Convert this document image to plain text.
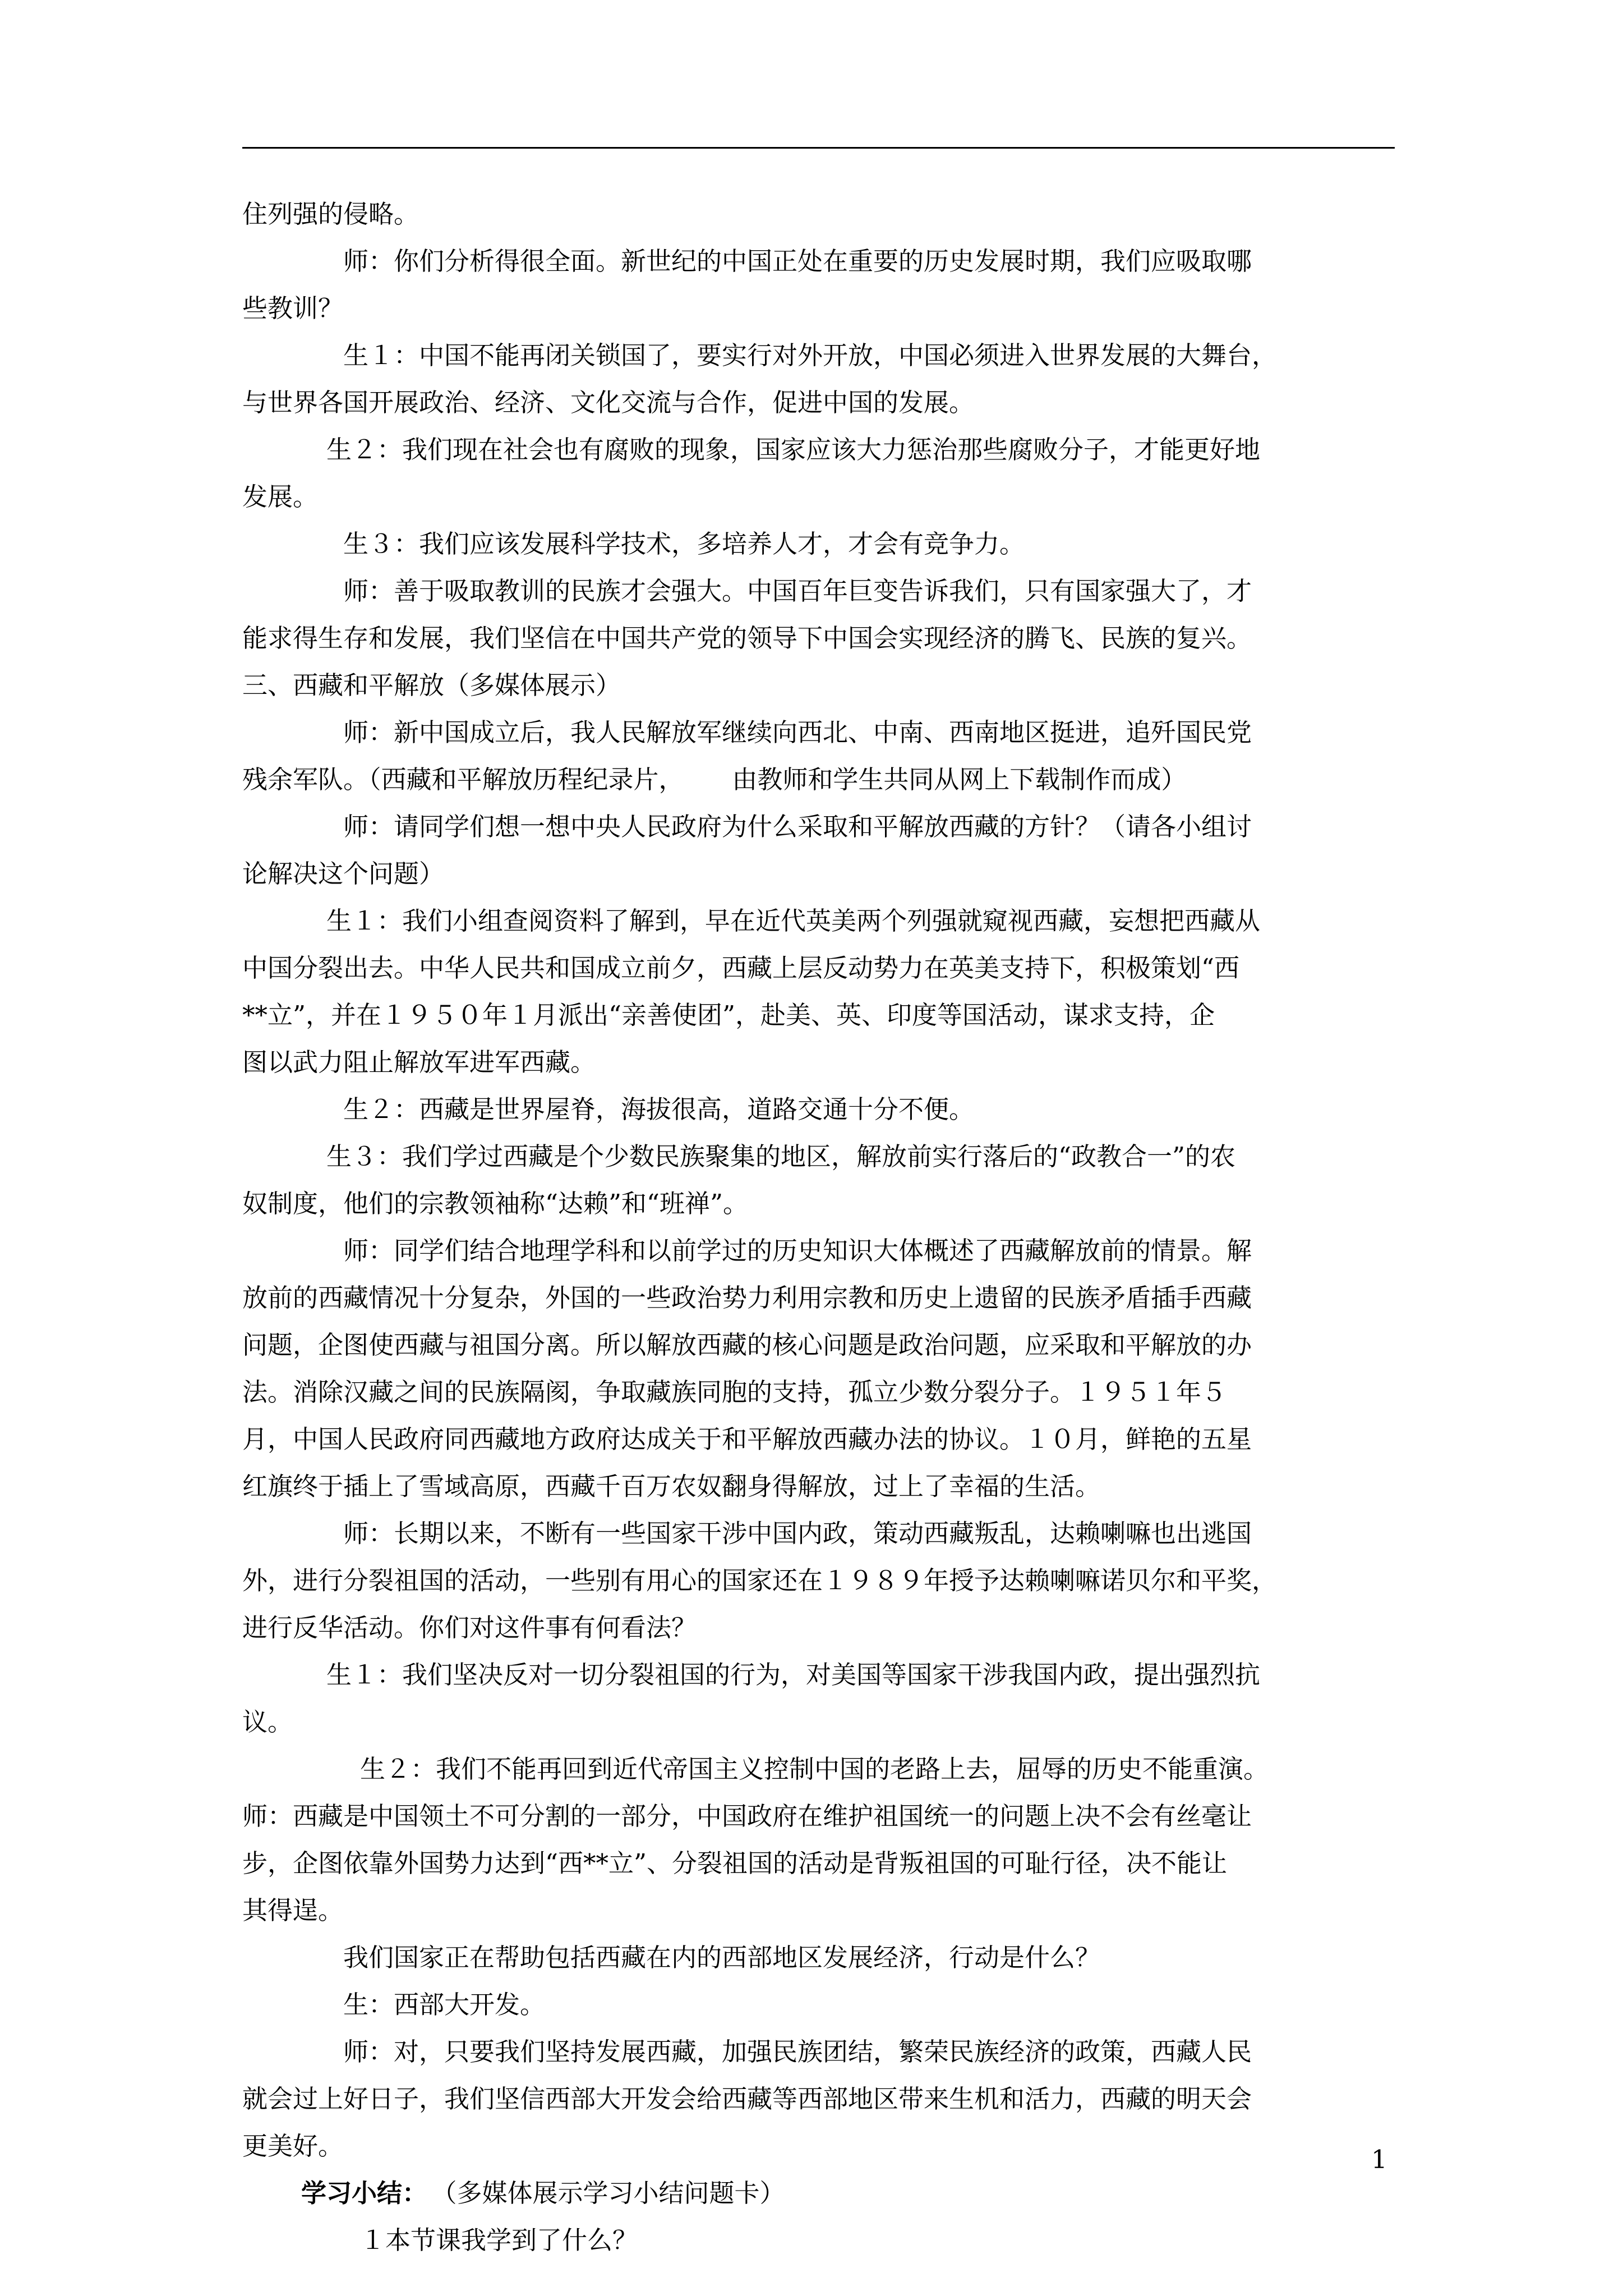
住列强的侵略。

师：你们分析得很全面。新世纪的中国正处在重要的历史发展时期，我们应吸取哪

些教训？

生１：中国不能再闭关锁国了，要实行对外开放，中国必须进入世界发展的大舞台，

与世界各国开展政治、经济、文化交流与合作，促进中国的发展。

生２：我们现在社会也有腐败的现象，国家应该大力惩治那些腐败分子，才能更好地

发展。

生３：我们应该发展科学技术，多培养人才，才会有竞争力。

师：善于吸取教训的民族才会强大。中国百年巨变告诉我们，只有国家强大了，才

能求得生存和发展，我们坚信在中国共产党的领导下中国会实现经济的腾飞、民族的复兴。

三、西藏和平解放（多媒体展示）

师：新中国成立后，我人民解放军继续向西北、中南、西南地区挺进，追歼国民党

残余军队。（西藏和平解放历程纪录片，      由教师和学生共同从网上下载制作而成）

师：请同学们想一想中央人民政府为什么采取和平解放西藏的方针？（请各小组讨

论解决这个问题）

生１：我们小组查阅资料了解到，早在近代英美两个列强就窥视西藏，妄想把西藏从

中国分裂出去。中华人民共和国成立前夕，西藏上层反动势力在英美支持下，积极策划“西

**立”，并在１９５０年１月派出“亲善使团”，赴美、英、印度等国活动，谋求支持，企

图以武力阻止解放军进军西藏。

生２：西藏是世界屋脊，海拔很高，道路交通十分不便。

生３：我们学过西藏是个少数民族聚集的地区，解放前实行落后的“政教合一”的农

奴制度，他们的宗教领袖称“达赖”和“班禅”。

师：同学们结合地理学科和以前学过的历史知识大体概述了西藏解放前的情景。解

放前的西藏情况十分复杂，外国的一些政治势力利用宗教和历史上遗留的民族矛盾插手西藏

问题，企图使西藏与祖国分离。所以解放西藏的核心问题是政治问题，应采取和平解放的办

法。消除汉藏之间的民族隔阂，争取藏族同胞的支持，孤立少数分裂分子。１９５１年５

月，中国人民政府同西藏地方政府达成关于和平解放西藏办法的协议。１０月，鲜艳的五星

红旗终于插上了雪域高原，西藏千百万农奴翻身得解放，过上了幸福的生活。

师：长期以来，不断有一些国家干涉中国内政，策动西藏叛乱，达赖喇嘛也出逃国

外，进行分裂祖国的活动，一些别有用心的国家还在１９８９年授予达赖喇嘛诺贝尔和平奖，

进行反华活动。你们对这件事有何看法？

生１：我们坚决反对一切分裂祖国的行为，对美国等国家干涉我国内政，提出强烈抗

议。

生２：我们不能再回到近代帝国主义控制中国的老路上去，屈辱的历史不能重演。

师：西藏是中国领土不可分割的一部分，中国政府在维护祖国统一的问题上决不会有丝毫让

步，企图依靠外国势力达到“西**立”、分裂祖国的活动是背叛祖国的可耻行径，决不能让

其得逞。

我们国家正在帮助包括西藏在内的西部地区发展经济，行动是什么？

生：西部大开发。

师：对，只要我们坚持发展西藏，加强民族团结，繁荣民族经济的政策，西藏人民

就会过上好日子，我们坚信西部大开发会给西藏等西部地区带来生机和活力，西藏的明天会

更美好。

学习小结： （多媒体展示学习小结问题卡）

１本节课我学到了什么？

1
